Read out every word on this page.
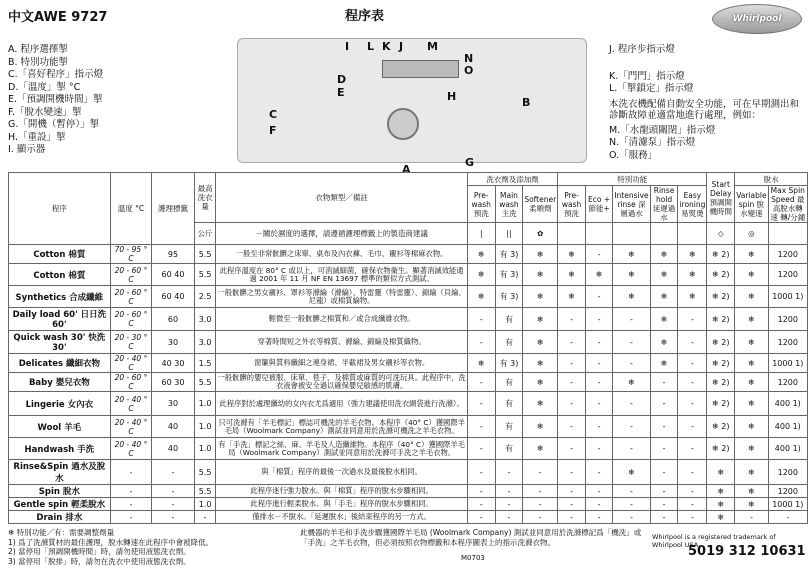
中文AWE 9727	程序表	Whirlpool
A. 程序選擇掣
B. 特別功能掣
C.「喜好程序」指示燈
D.「溫度」掣 °C
E.「預調開機時間」掣
F.「脫水變速」掣
G.「開機（暫停）」掣
H.「重設」掣
I. 顯示器
J. 程序步指示燈
K.「門門」指示燈
L.「掣鎖定」指示燈
本洗衣機配備自動安全功能，可在早期測出和診斷故障並適當地進行處理，例如：
M.「水龍頭關閉」指示燈
N.「清濾泵」指示燈
O.「服務」
I L K J M
N
O
D
E
C
F
H	B
G
A
程序	溫度 °C	護理標籤	最高洗衣量	衣物類型／備註	洗衣劑及添加劑			特別功能					Start Delay 預調開機時間	脫水	
					Pre-wash 預洗	Main wash 主洗	Softener 柔順劑	Pre-wash 預洗	Eco + 節能+	Intensive rinse 深層過水	Rinse hold 延遲過水	Easy ironing 易熨燙		Variable spin 脫水變速	Max Spin Speed 最高脫水轉速 轉/分鐘
			公斤	－關於濕度的選擇，請遵循護理標籤上的製造商建議	|	||	✿						◇	◎	
Cotton 棉質	70 - 95 ° C	95	5.5	一般至非常骯髒之床單、桌布及內衣褲、毛巾、襯衫等棉麻衣物。	❄	有 3)	❄	❄	-	❄	❄	❄	❄ 2)	❄	1200
Cotton 棉質	20 - 60 ° C	60 40	5.5	此程序溫度在 80° C 或以上，可消滅細菌，確保衣物衛生。顯著消滅效能通過 2001 年 11 月 NF EN 13697 標準的類似方式測試。	❄	有 3)	❄	❄	❄	❄	❄	❄	❄ 2)	❄	1200
Synthetics 合成纖維	20 - 60 ° C	60 40	2.5	一般骯髒之男女襯衫、罩衫等滌綸（滌綸）、特雷靈（特雷靈）、錦綸（貝綸、尼龍）或棉質綸物。	❄	有 3)	❄	❄	-	❄	❄	❄	❄ 2)	❄	1000 1)
Daily load 60' 日日洗 60'	20 - 60 ° C	60	3.0	輕微至一般骯髒之棉質和／或合成纖維衣物。	-	有	❄	-	-	-	❄	-	❄ 2)	❄	1200
Quick wash 30' 快洗 30'	20 - 30 ° C	30	3.0	穿著時間短之外衣等棉質、滌綸、錦綸及棉質織物。	-	有	❄	-	-	-	❄	-	❄ 2)	❄	1200
Delicates 纖細衣物	20 - 40 ° C	40 30	1.5	窗簾與質料纖細之連身裙、半截裙及男女襯衫等衣物。	❄	有 3)	❄	-	-	-	❄	-	❄ 2)	❄	1000 1)
Baby 嬰兒衣物	20 - 60 ° C	60 30	5.5	一般骯髒的嬰兒被服、床單、毯子、及棉質或麻質的可洗玩具。此程序中，洗衣液會被安全過以確保嬰兒敏感的肌膚。	-	有	❄	-	-	❄	-	-	❄ 2)	❄	1200
Lingerie 女內衣	20 - 40 ° C	30	1.0	此程序對於處理纖幼的女內衣尤爲適用（強力建議使用洗衣網袋進行洗滌）。	-	有	❄	-	-	-	-	-	❄ 2)	❄	400 1)
Wool 羊毛	20 - 40 ° C	40	1.0	只可洗滌有「羊毛標記」標誌可機洗的羊毛衣物。本程序（40° C）獲國際羊毛局（Woolmark Company）測試並同意用於洗滌可機洗之羊毛衣物。	-	有	❄	-	-	-	-	-	❄ 2)	❄	400 1)
Handwash 手洗	20 - 40 ° C	40	1.0	有「手洗」標記之絲、麻、羊毛及人造纖維物。本程序（40° C）獲國際羊毛局（Woolmark Company）測試並同意用於洗滌可手洗之羊毛衣物。	-	有	❄	-	-	-	-	-	❄ 2)	❄	400 1)
Rinse&Spin 過水及脫水	-	-	5.5	與「棉質」程序的最後一次過水及最後脫水相同。	-	-	-	-	-	❄	-	-	❄	❄	1200
Spin 脫水	-	-	5.5	此程序迷行強力脫水。與「棉質」程序的脫水步驟相同。	-	-	-	-	-	-	-	-	❄	❄	1200
Gentle spin 輕柔脫水	-	-	1.0	此程序進行輕柔脫水。與「手毛」程序的脫水步驟相同。	-	-	-	-	-	-	-	-	❄	❄	1000 1)
Drain 排水	-	-	-	僅排水－不脫水。「延遲脫水」後結束程序的另一方式。	-	-	-	-	-	-	-	-	❄	-	-
❄ 特別功能／有：需要調整劑量
1) 爲了洗滌質材的最佳護理，脫水轉速在此程序中會被降低。
2) 當停用「預調開機時間」時，請勿使用液態洗衣劑。
3) 當停用「脫排」時，請勿在洗衣中使用液態洗衣劑。
此機器的羊毛和手洗步驟獲國際羊毛局 (Woolmark Company) 測試並同意用於洗滌標記爲「機洗」或「手洗」之羊毛衣物，但必須按照衣物標籤和本程序圖表上的指示洗滌衣物。
M0703
Whirlpool is a registered trademark of Whirlpool USA
5019 312 10631
